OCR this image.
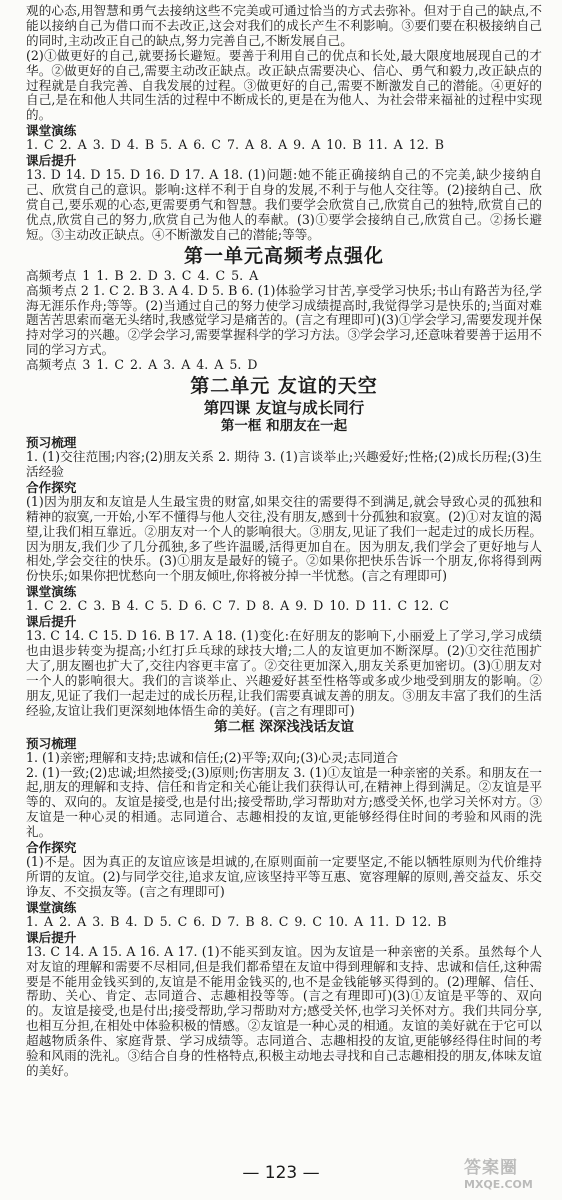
观的心态,用智慧和勇气去接纳这些不完美或可通过恰当的方式去弥补。但对于自己的缺点,不能以接纳自己为借口而不去改正,这会对我们的成长产生不利影响。③要们要在积极接纳自己的同时,主动改正自己的缺点,努力完善自己,不断发展自己。

(2)①做更好的自己,就要扬长避短。要善于利用自己的优点和长处,最大限度地展现自己的才华。②做更好的自己,需要主动改正缺点。改正缺点需要决心、信心、勇气和毅力,改正缺点的过程就是自我完善、自我发展的过程。③做更好的自己,需要不断激发自己的潜能。④更好的自己,是在和他人共同生活的过程中不断成长的,更是在为他人、为社会带来福祉的过程中实现的。

课堂演练

1. C 2. A 3. D 4. B 5. A 6. C 7. A 8. A 9. A 10. B 11. A 12. B

课后提升

13. D 14. D 15. D 16. D 17. A 18. (1)问题:她不能正确接纳自己的不完美,缺少接纳自己、欣赏自己的意识。影响:这样不利于自身的发展,不利于与他人交往等。(2)接纳自己、欣赏自己,要乐观的心态,更需要勇气和智慧。我们要学会欣赏自己,欣赏自己的独特,欣赏自己的优点,欣赏自己的努力,欣赏自己为他人的奉献。(3)①要学会接纳自己,欣赏自己。②扬长避短。③主动改正缺点。④不断激发自己的潜能;等等。

第一单元高频考点强化

高频考点 1 1. B 2. D 3. C 4. C 5. A

高频考点 2 1. C 2. B 3. A 4. D 5. B 6. (1)体验学习甘苦,享受学习快乐;书山有路苦为径,学海无涯乐作舟;等等。(2)当通过自己的努力使学习成绩提高时,我觉得学习是快乐的;当面对难题苦苦思索而毫无头绪时,我感觉学习是痛苦的。(言之有理即可)(3)①学会学习,需要发现并保持对学习的兴趣。②学会学习,需要掌握科学的学习方法。③学会学习,还意味着要善于运用不同的学习方式。

高频考点 3 1. C 2. A 3. A 4. A 5. D

第二单元 友谊的天空

第四课 友谊与成长同行

第一框 和朋友在一起

预习梳理

1. (1)交往范围;内容;(2)朋友关系 2. 期待 3. (1)言谈举止;兴趣爱好;性格;(2)成长历程;(3)生活经验

合作探究

(1)因为朋友和友谊是人生最宝贵的财富,如果交往的需要得不到满足,就会导致心灵的孤独和精神的寂寞,一开始,小军不懂得与他人交往,没有朋友,感到十分孤独和寂寞。(2)①对友谊的渴望,让我们相互靠近。②朋友对一个人的影响很大。③朋友,见证了我们一起走过的成长历程。因为朋友,我们少了几分孤独,多了些许温暖,活得更加自在。因为朋友,我们学会了更好地与人相处,学会交往的快乐。(3)①朋友是最好的镜子。②如果你把快乐告诉一个朋友,你将得到两份快乐;如果你把忧愁向一个朋友倾吐,你将被分掉一半忧愁。(言之有理即可)

课堂演练

1. C 2. C 3. B 4. C 5. D 6. C 7. D 8. A 9. D 10. D 11. C 12. C

课后提升

13. C 14. C 15. D 16. B 17. A 18. (1)变化:在好朋友的影响下,小丽爱上了学习,学习成绩也由退步转变为提高;小红打乒乓球的球技大增;二人的友谊更加不断深厚。(2)①交往范围扩大了,朋友圈也扩大了,交往内容更丰富了。②交往更加深入,朋友关系更加密切。(3)①朋友对一个人的影响很大。我们的言谈举止、兴趣爱好甚至性格等或多或少地受到朋友的影响。②朋友,见证了我们一起走过的成长历程,让我们需要真诚友善的朋友。③朋友丰富了我们的生活经验,友谊让我们更深刻地体悟生命的美好。(言之有理即可)

第二框 深深浅浅话友谊

预习梳理

1. (1)亲密;理解和支持;忠诚和信任;(2)平等;双向;(3)心灵;志同道合
2. (1)一致;(2)忠诚;坦然接受;(3)原则;伤害朋友 3. (1)①友谊是一种亲密的关系。和朋友在一起,朋友的理解和支持、信任和肯定和关心能让我们获得认可,在精神上得到满足。②友谊是平等的、双向的。友谊是接受,也是付出;接受帮助,学习帮助对方;感受关怀,也学习关怀对方。③友谊是一种心灵的相通。志同道合、志趣相投的友谊,更能够经得住时间的考验和风雨的洗礼。

合作探究

(1)不是。因为真正的友谊应该是坦诚的,在原则面前一定要坚定,不能以牺牲原则为代价维持所谓的友谊。(2)与同学交往,追求友谊,应该坚持平等互惠、宽容理解的原则,善交益友、乐交诤友、不交损友等。(言之有理即可)

课堂演练

1. A 2. A 3. B 4. D 5. C 6. D 7. B 8. C 9. C 10. A 11. D 12. B

课后提升

13. C 14. A 15. A 16. A 17. (1)不能买到友谊。因为友谊是一种亲密的关系。虽然每个人对友谊的理解和需要不尽相同,但是我们都希望在友谊中得到理解和支持、忠诚和信任,这种需要是不能用金钱买到的,友谊是不能用金钱买的,也不是金钱能够买得到的。(2)理解、信任、帮助、关心、肯定、志同道合、志趣相投等等。(言之有理即可)(3)①友谊是平等的、双向的。友谊是接受,也是付出;接受帮助,学习帮助对方;感受关怀,也学习关怀对方。我们共同分享,也相互分担,在相处中体验积极的情感。②友谊是一种心灵的相通。友谊的美好就在于它可以超越物质条件、家庭背景、学习成绩等。志同道合、志趣相投的友谊,更能够经得住时间的考验和风雨的洗礼。③结合自身的性格特点,积极主动地去寻找和自己志趣相投的朋友,体味友谊的美好。

— 123 —	答案圈
MXQE.COM
